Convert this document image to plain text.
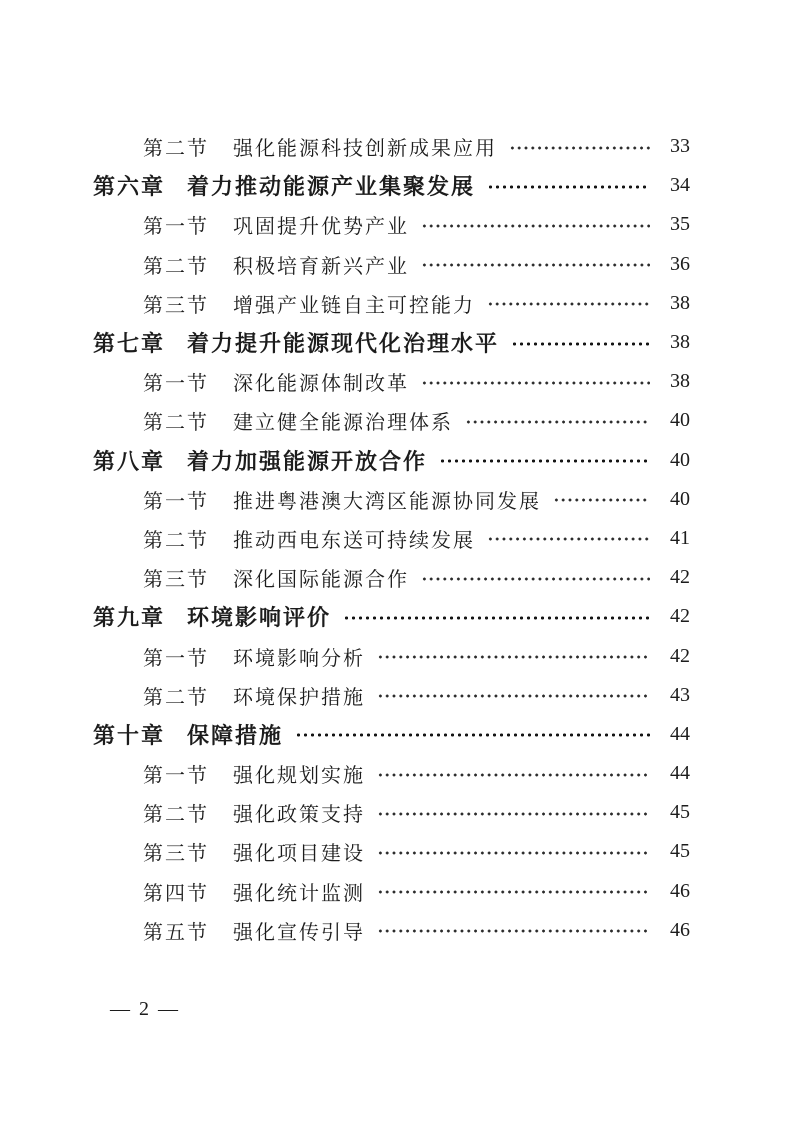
第二节 强化能源科技创新成果应用	33
第六章 着力推动能源产业集聚发展	34
第一节 巩固提升优势产业	35
第二节 积极培育新兴产业	36
第三节 增强产业链自主可控能力	38
第七章 着力提升能源现代化治理水平	38
第一节 深化能源体制改革	38
第二节 建立健全能源治理体系	40
第八章 着力加强能源开放合作	40
第一节 推进粤港澳大湾区能源协同发展	40
第二节 推动西电东送可持续发展	41
第三节 深化国际能源合作	42
第九章 环境影响评价	42
第一节 环境影响分析	42
第二节 环境保护措施	43
第十章 保障措施	44
第一节 强化规划实施	44
第二节 强化政策支持	45
第三节 强化项目建设	45
第四节 强化统计监测	46
第五节 强化宣传引导	46
— 2 —
